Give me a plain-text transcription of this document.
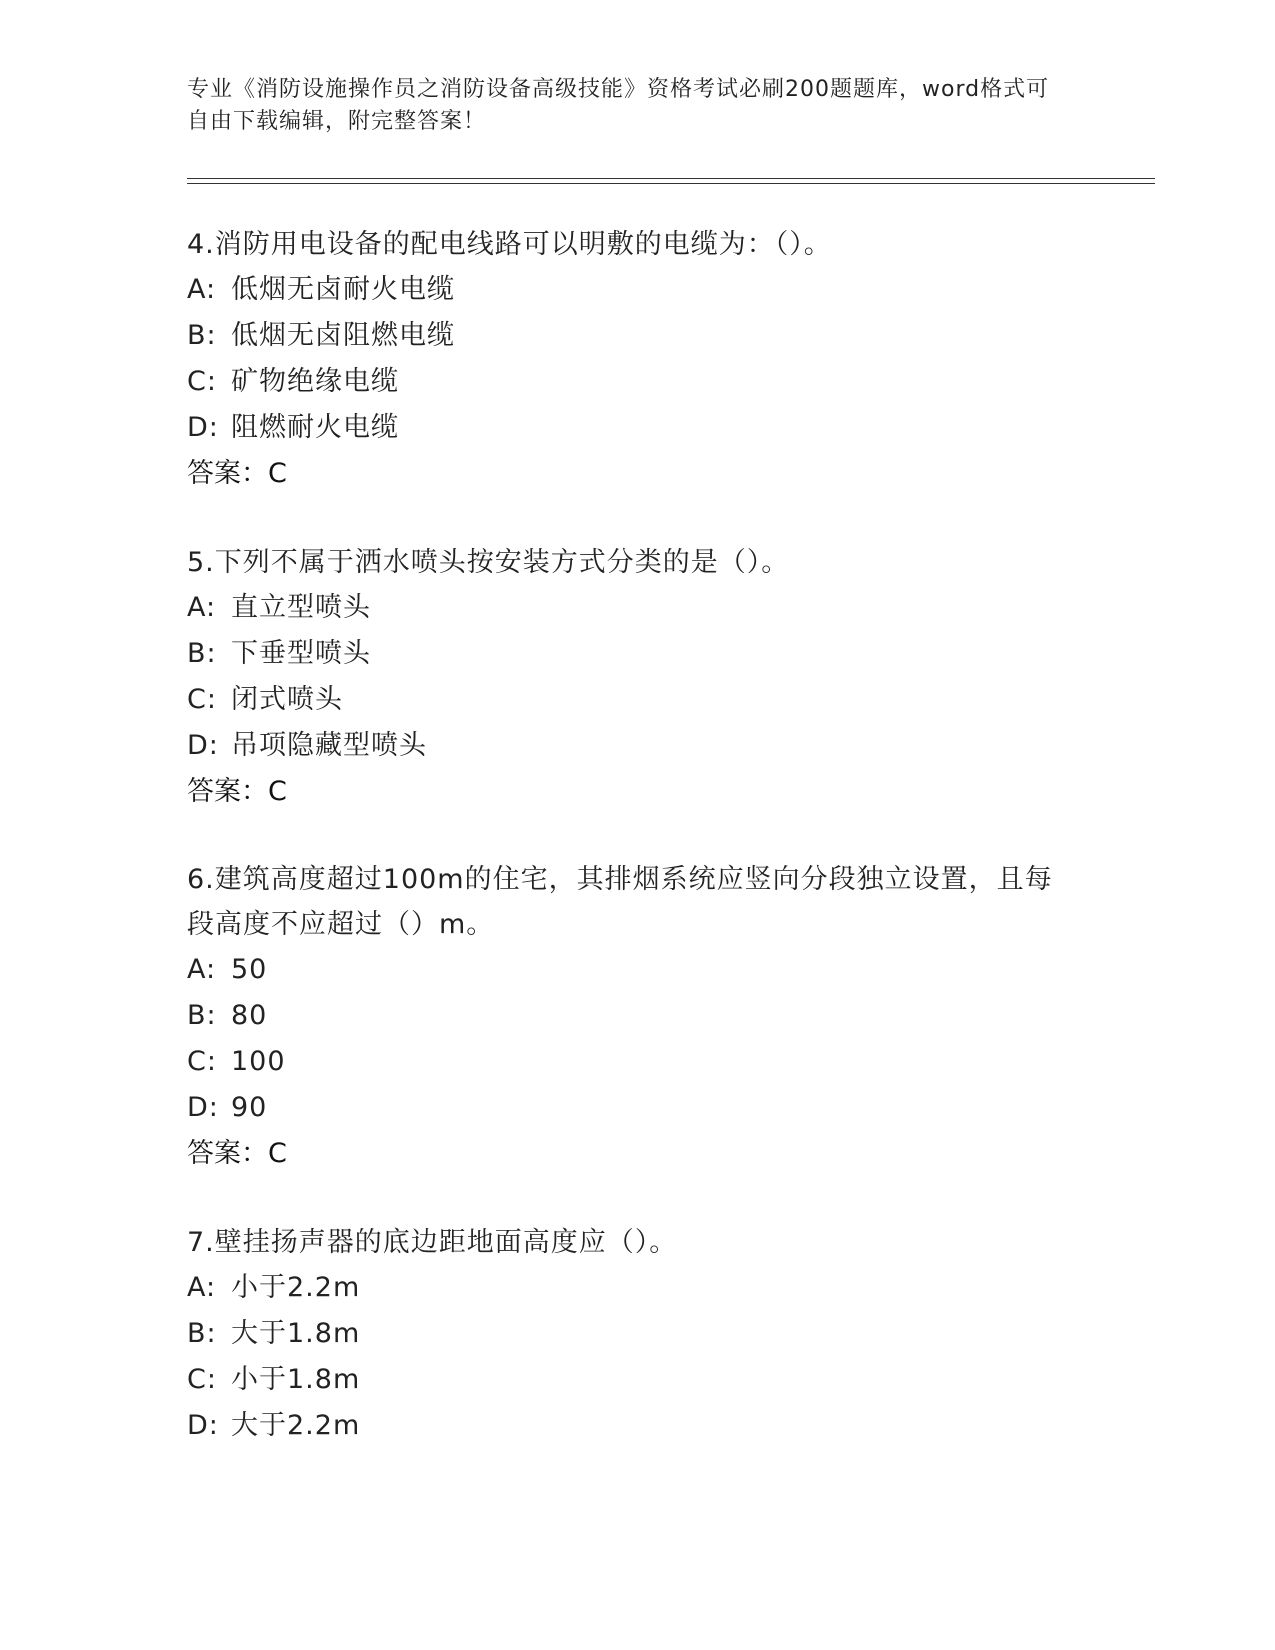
专业《消防设施操作员之消防设备高级技能》资格考试必刷200题题库，word格式可自由下载编辑，附完整答案！
4.消防用电设备的配电线路可以明敷的电缆为：（）。
A: 低烟无卤耐火电缆
B: 低烟无卤阻燃电缆
C: 矿物绝缘电缆
D: 阻燃耐火电缆
答案：C
5.下列不属于洒水喷头按安装方式分类的是（）。
A: 直立型喷头
B: 下垂型喷头
C: 闭式喷头
D: 吊项隐藏型喷头
答案：C
6.建筑高度超过100m的住宅，其排烟系统应竖向分段独立设置，且每段高度不应超过（）m。
A: 50
B: 80
C: 100
D: 90
答案：C
7.壁挂扬声器的底边距地面高度应（）。
A: 小于2.2m
B: 大于1.8m
C: 小于1.8m
D: 大于2.2m
